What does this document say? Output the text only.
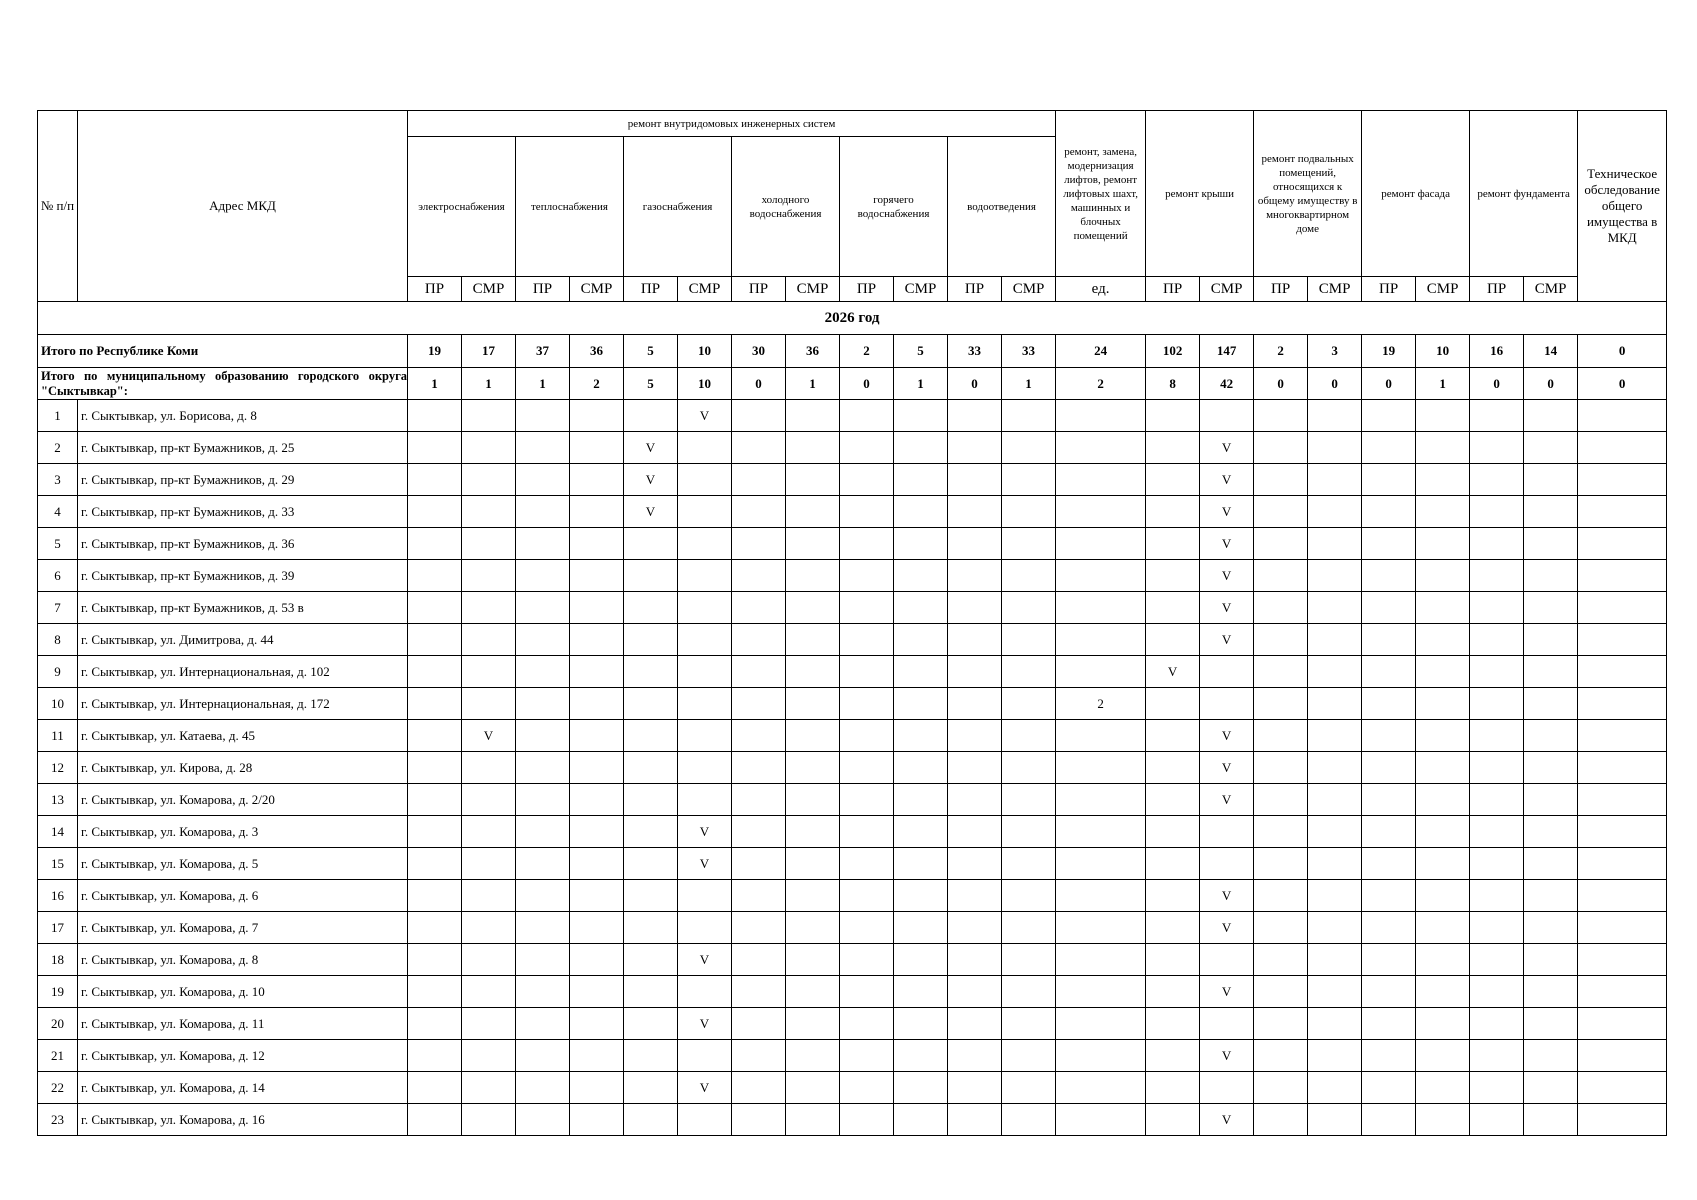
№ п/п	Адрес МКД	ремонт внутридомовых инженерных систем												ремонт, замена, модернизация лифтов, ремонт лифтовых шахт, машинных и блочных помещений	ремонт крыши		ремонт подвальных помещений, относящихся к общему имуществу в многоквартирном доме		ремонт фасада		ремонт фундамента		Техническое обследование общего имущества в МКД
		электроснабжения		теплоснабжения		газоснабжения		холодного водоснабжения		горячего водоснабжения		водоотведения											
		ПР	СМР	ПР	СМР	ПР	СМР	ПР	СМР	ПР	СМР	ПР	СМР	ед.	ПР	СМР	ПР	СМР	ПР	СМР	ПР	СМР	
2026 год																							
Итого по Республике Коми		19	17	37	36	5	10	30	36	2	5	33	33	24	102	147	2	3	19	10	16	14	0
Итого по муниципальному образованию городского округа "Сыктывкар":		1	1	1	2	5	10	0	1	0	1	0	1	2	8	42	0	0	0	1	0	0	0
1	г. Сыктывкар, ул. Борисова, д. 8						V																
2	г. Сыктывкар, пр-кт Бумажников, д. 25					V										V							
3	г. Сыктывкар, пр-кт Бумажников, д. 29					V										V							
4	г. Сыктывкар, пр-кт Бумажников, д. 33					V										V							
5	г. Сыктывкар, пр-кт Бумажников, д. 36															V							
6	г. Сыктывкар, пр-кт Бумажников, д. 39															V							
7	г. Сыктывкар, пр-кт Бумажников, д. 53 в															V							
8	г. Сыктывкар, ул. Димитрова, д. 44															V							
9	г. Сыктывкар, ул. Интернациональная, д. 102														V								
10	г. Сыктывкар, ул. Интернациональная, д. 172													2									
11	г. Сыктывкар, ул. Катаева, д. 45		V													V							
12	г. Сыктывкар, ул. Кирова, д. 28															V							
13	г. Сыктывкар, ул. Комарова, д. 2/20															V							
14	г. Сыктывкар, ул. Комарова, д. 3						V																
15	г. Сыктывкар, ул. Комарова, д. 5						V																
16	г. Сыктывкар, ул. Комарова, д. 6															V							
17	г. Сыктывкар, ул. Комарова, д. 7															V							
18	г. Сыктывкар, ул. Комарова, д. 8						V																
19	г. Сыктывкар, ул. Комарова, д. 10															V							
20	г. Сыктывкар, ул. Комарова, д. 11						V																
21	г. Сыктывкар, ул. Комарова, д. 12															V							
22	г. Сыктывкар, ул. Комарова, д. 14						V																
23	г. Сыктывкар, ул. Комарова, д. 16															V							
